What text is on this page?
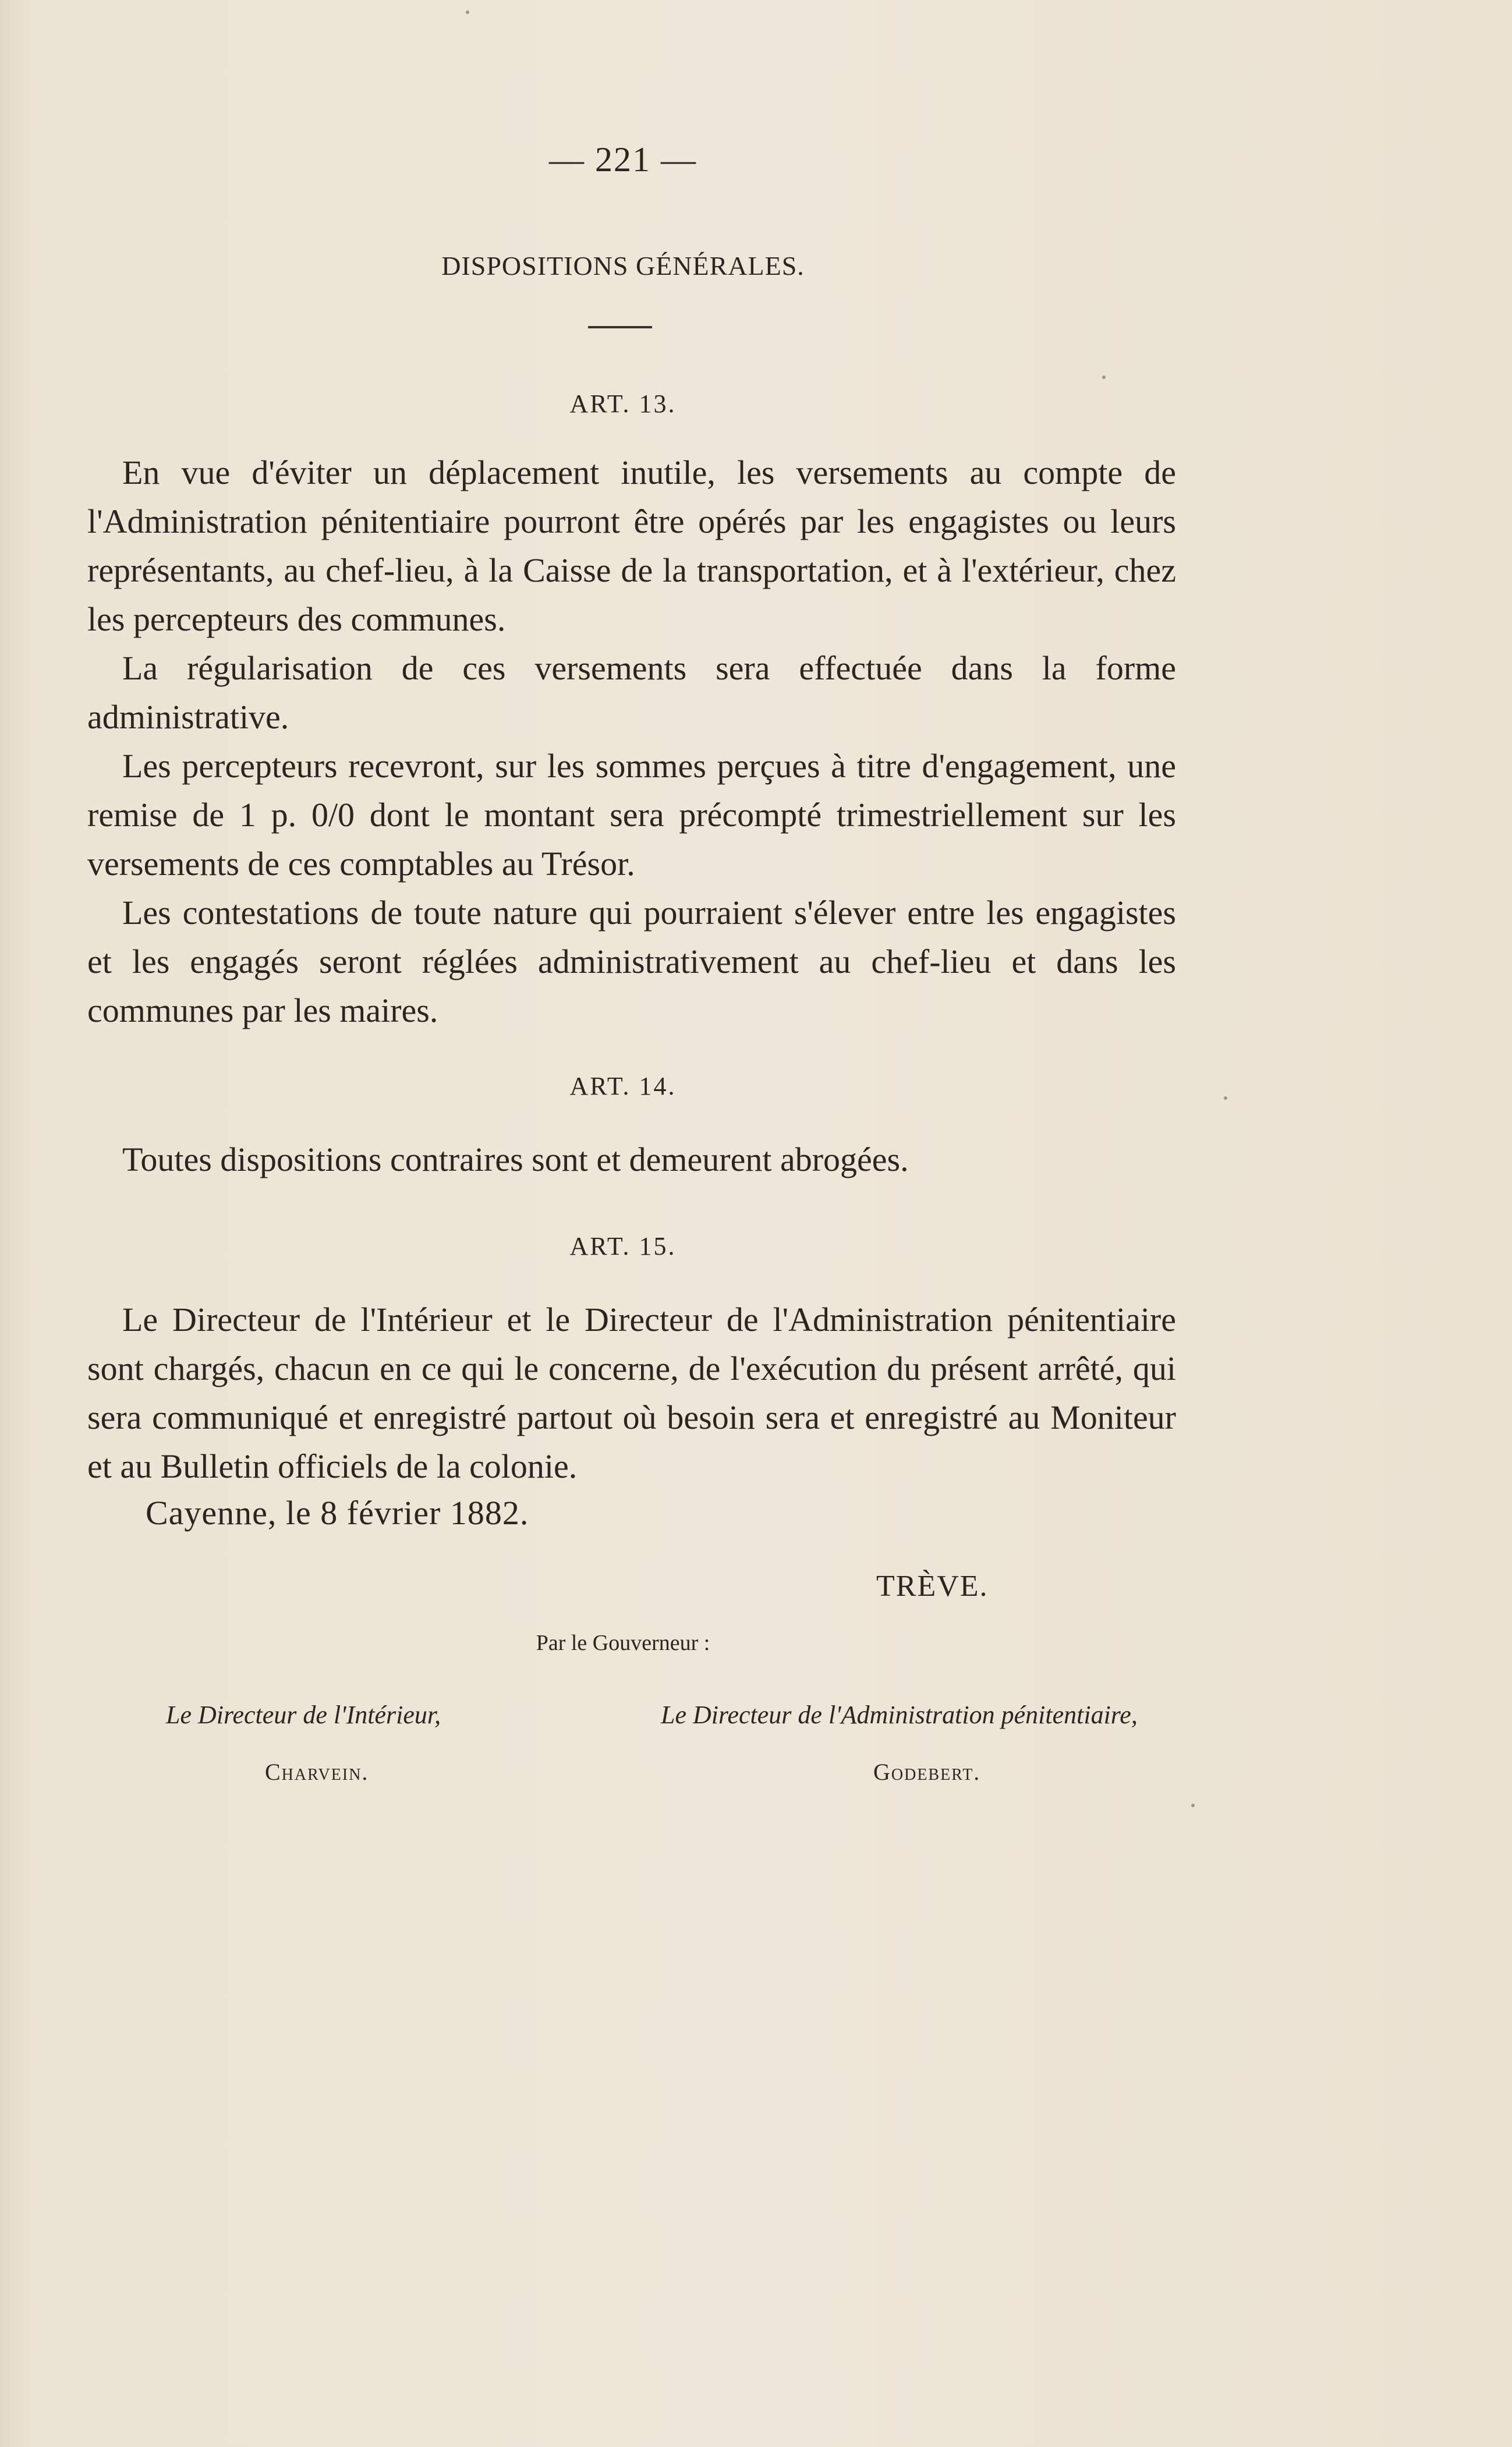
— 221 —
DISPOSITIONS GÉNÉRALES.
ART. 13.

En vue d'éviter un déplacement inutile, les versements au compte de l'Administration pénitentiaire pourront être opérés par les engagistes ou leurs représentants, au chef-lieu, à la Caisse de la transportation, et à l'extérieur, chez les percepteurs des communes.

La régularisation de ces versements sera effectuée dans la forme administrative.

Les percepteurs recevront, sur les sommes perçues à titre d'engagement, une remise de 1 p. 0/0 dont le montant sera précompté trimestriellement sur les versements de ces comptables au Trésor.

Les contestations de toute nature qui pourraient s'élever entre les engagistes et les engagés seront réglées administrativement au chef-lieu et dans les communes par les maires.

ART. 14.

Toutes dispositions contraires sont et demeurent abrogées.

ART. 15.

Le Directeur de l'Intérieur et le Directeur de l'Administration pénitentiaire sont chargés, chacun en ce qui le concerne, de l'exécution du présent arrêté, qui sera communiqué et enregistré partout où besoin sera et enregistré au Moniteur et au Bulletin officiels de la colonie.

Cayenne, le 8 février 1882.
TRÈVE.
Par le Gouverneur :
Le Directeur de l'Intérieur,
Charvein.
Le Directeur de l'Administration pénitentiaire,
Godebert.
